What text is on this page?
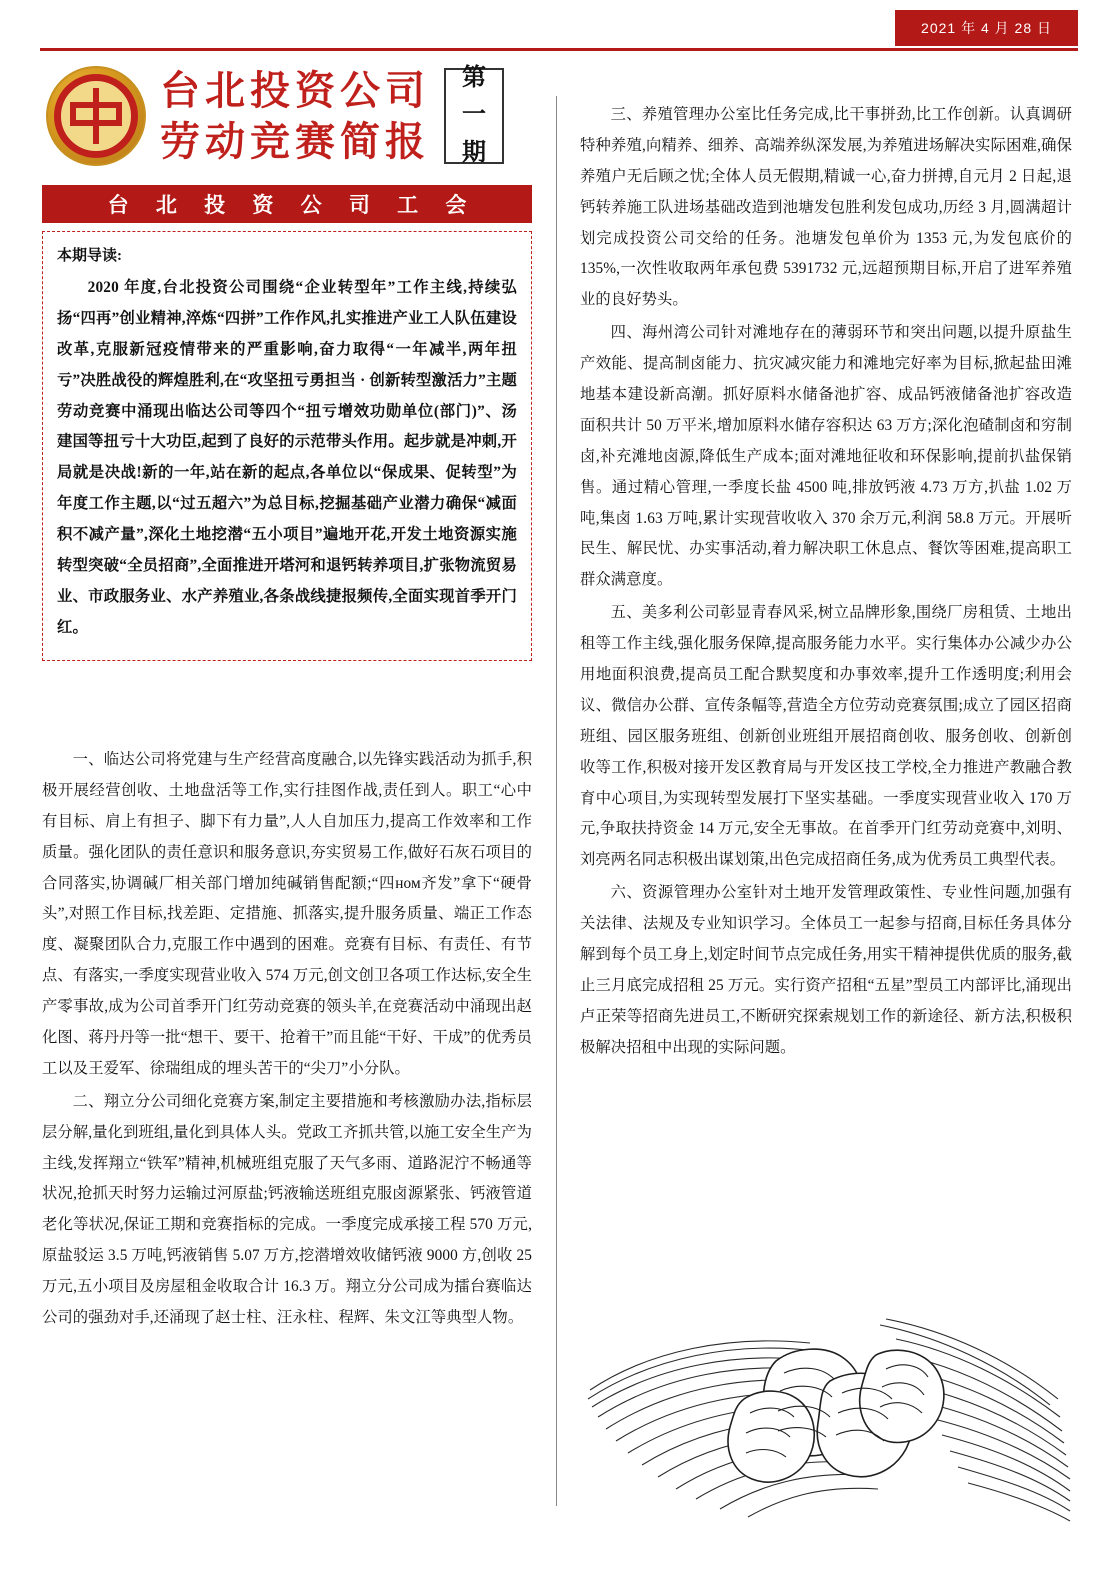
2021 年 4 月 28 日
台北投资公司
劳动竞赛简报
第
一
期
台 北 投 资 公 司 工 会
本期导读:
2020 年度,台北投资公司围绕“企业转型年”工作主线,持续弘扬“四再”创业精神,淬炼“四拼”工作作风,扎实推进产业工人队伍建设改革,克服新冠疫情带来的严重影响,奋力取得“一年减半,两年扭亏”决胜战役的辉煌胜利,在“攻坚扭亏勇担当 · 创新转型激活力”主题劳动竞赛中涌现出临达公司等四个“扭亏增效功勋单位(部门)”、汤建国等扭亏十大功臣,起到了良好的示范带头作用。起步就是冲刺,开局就是决战!新的一年,站在新的起点,各单位以“保成果、促转型”为年度工作主题,以“过五超六”为总目标,挖掘基础产业潜力确保“减面积不减产量”,深化土地挖潜“五小项目”遍地开花,开发土地资源实施转型突破“全员招商”,全面推进开塔河和退钙转养项目,扩张物流贸易业、市政服务业、水产养殖业,各条战线捷报频传,全面实现首季开门红。

一、临达公司将党建与生产经营高度融合,以先锋实践活动为抓手,积极开展经营创收、土地盘活等工作,实行挂图作战,责任到人。职工“心中有目标、肩上有担子、脚下有力量”,人人自加压力,提高工作效率和工作质量。强化团队的责任意识和服务意识,夯实贸易工作,做好石灰石项目的合同落实,协调碱厂相关部门增加纯碱销售配额;“四ном齐发”拿下“硬骨头”,对照工作目标,找差距、定措施、抓落实,提升服务质量、端正工作态度、凝聚团队合力,克服工作中遇到的困难。竞赛有目标、有责任、有节点、有落实,一季度实现营业收入 574 万元,创文创卫各项工作达标,安全生产零事故,成为公司首季开门红劳动竞赛的领头羊,在竞赛活动中涌现出赵化图、蒋丹丹等一批“想干、要干、抢着干”而且能“干好、干成”的优秀员工以及王爱军、徐瑞组成的埋头苦干的“尖刀”小分队。

二、翔立分公司细化竞赛方案,制定主要措施和考核激励办法,指标层层分解,量化到班组,量化到具体人头。党政工齐抓共管,以施工安全生产为主线,发挥翔立“铁军”精神,机械班组克服了天气多雨、道路泥泞不畅通等状况,抢抓天时努力运输过河原盐;钙液输送班组克服卤源紧张、钙液管道老化等状况,保证工期和竞赛指标的完成。一季度完成承接工程 570 万元,原盐驳运 3.5 万吨,钙液销售 5.07 万方,挖潜增效收储钙液 9000 方,创收 25 万元,五小项目及房屋租金收取合计 16.3 万。翔立分公司成为擂台赛临达公司的强劲对手,还涌现了赵士柱、汪永柱、程辉、朱文江等典型人物。

三、养殖管理办公室比任务完成,比干事拼劲,比工作创新。认真调研特种养殖,向精养、细养、高端养纵深发展,为养殖进场解决实际困难,确保养殖户无后顾之忧;全体人员无假期,精诚一心,奋力拼搏,自元月 2 日起,退钙转养施工队进场基础改造到池塘发包胜利发包成功,历经 3 月,圆满超计划完成投资公司交给的任务。池塘发包单价为 1353 元,为发包底价的 135%,一次性收取两年承包费 5391732 元,远超预期目标,开启了进军养殖业的良好势头。

四、海州湾公司针对滩地存在的薄弱环节和突出问题,以提升原盐生产效能、提高制卤能力、抗灾减灾能力和滩地完好率为目标,掀起盐田滩地基本建设新高潮。抓好原料水储备池扩容、成品钙液储备池扩容改造面积共计 50 万平米,增加原料水储存容积达 63 万方;深化泡碴制卤和穷制卤,补充滩地卤源,降低生产成本;面对滩地征收和环保影响,提前扒盐保销售。通过精心管理,一季度长盐 4500 吨,排放钙液 4.73 万方,扒盐 1.02 万吨,集卤 1.63 万吨,累计实现营收收入 370 余万元,利润 58.8 万元。开展听民生、解民忧、办实事活动,着力解决职工休息点、餐饮等困难,提高职工群众满意度。

五、美多利公司彰显青春风采,树立品牌形象,围绕厂房租赁、土地出租等工作主线,强化服务保障,提高服务能力水平。实行集体办公减少办公用地面积浪费,提高员工配合默契度和办事效率,提升工作透明度;利用会议、微信办公群、宣传条幅等,营造全方位劳动竞赛氛围;成立了园区招商班组、园区服务班组、创新创业班组开展招商创收、服务创收、创新创收等工作,积极对接开发区教育局与开发区技工学校,全力推进产教融合教育中心项目,为实现转型发展打下坚实基础。一季度实现营业收入 170 万元,争取扶持资金 14 万元,安全无事故。在首季开门红劳动竞赛中,刘明、刘亮两名同志积极出谋划策,出色完成招商任务,成为优秀员工典型代表。

六、资源管理办公室针对土地开发管理政策性、专业性问题,加强有关法律、法规及专业知识学习。全体员工一起参与招商,目标任务具体分解到每个员工身上,划定时间节点完成任务,用实干精神提供优质的服务,截止三月底完成招租 25 万元。实行资产招租“五星”型员工内部评比,涌现出卢正荣等招商先进员工,不断研究探索规划工作的新途径、新方法,积极积极解决招租中出现的实际问题。
